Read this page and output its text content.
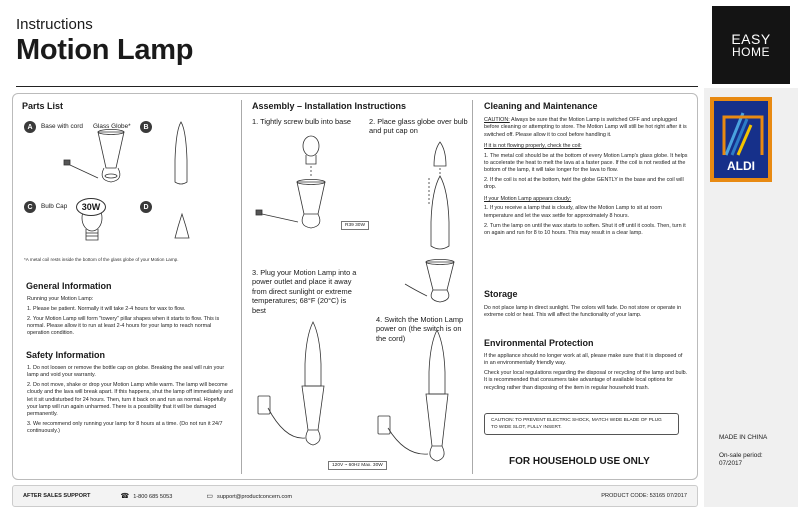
Instructions
Motion Lamp	EASY
HOME
Parts List
A	Base with cord Glass Globe*	B
C	Bulb Cap	30W	D
*A metal coil rests inside the bottom of the glass globe of your Motion Lamp.
General Information

Running your Motion Lamp:

1. Please be patient. Normally it will take 2-4 hours for wax to flow.

2. Your Motion Lamp will form "towery" pillar shapes when it starts to flow. This is normal. Please allow it to run at least 2-4 hours for your lamp to reach normal operation condition.

Safety Information

1. Do not loosen or remove the bottle cap on globe. Breaking the seal will ruin your lamp and void your warranty.

2. Do not move, shake or drop your Motion Lamp while warm. The lamp will become cloudy and the lava will break apart. If this happens, shut the lamp off immediately and let it sit undisturbed for 24 hours. Then, turn it back on and run as normal. Hopefully your lamp will run again unharmed. There is a possibility that it will be damaged permanently.

3. We recommend only running your lamp for 8 hours at a time. (Do not run it 24/7 continuously.)

Assembly – Installation Instructions
1. Tightly screw bulb into base	2. Place glass globe over bulb and put cap on
R39 30W
3. Plug your Motion Lamp into a power outlet and place it away from direct sunlight or extreme temperatures; 68°F (20°C) is best
4. Switch the Motion Lamp power on (the switch is on the cord)
120V ~ 60Hz Max. 30W
Cleaning and Maintenance

CAUTION: Always be sure that the Motion Lamp is switched OFF and unplugged before cleaning or attempting to store. The Motion Lamp will still be hot right after it is switched off. Please allow it to cool before handling it.

If it is not flowing properly, check the coil:

1. The metal coil should be at the bottom of every Motion Lamp's glass globe. It helps to accelerate the heat to melt the lava at a faster pace. If the coil is not nestled at the bottom of the lamp, it will take longer for the lava to flow.

2. If the coil is not at the bottom, twirl the globe GENTLY in the base and the coil will drop.

If your Motion Lamp appears cloudy:

1. If you receive a lamp that is cloudy, allow the Motion Lamp to sit at room temperature and let the wax settle for approximately 8 hours.

2. Turn the lamp on until the wax starts to soften. Shut it off until it cools. Then, turn it on again and run for 8 to 10 hours. This may result in a clear lamp.

Storage
Do not place lamp in direct sunlight. The colors will fade. Do not store or operate in extreme cold or heat. This will affect the functionality of your lamp.
Environmental Protection

If the appliance should no longer work at all, please make sure that it is disposed of in an environmentally friendly way.

Check your local regulations regarding the disposal or recycling of the lamp and bulb. It is recommended that consumers take advantage of available local options for recycling rather than disposing of the item in regular household trash.

CAUTION: TO PREVENT ELECTRIC SHOCK, MATCH WIDE BLADE OF PLUG
TO WIDE SLOT, FULLY INSERT.
FOR HOUSEHOLD USE ONLY
ALDI
MADE IN CHINA
On-sale period:
07/2017
AFTER SALES SUPPORT	☎ 1-800 685 5053	▭ support@productconcern.com	PRODUCT CODE: 53165 07/2017
